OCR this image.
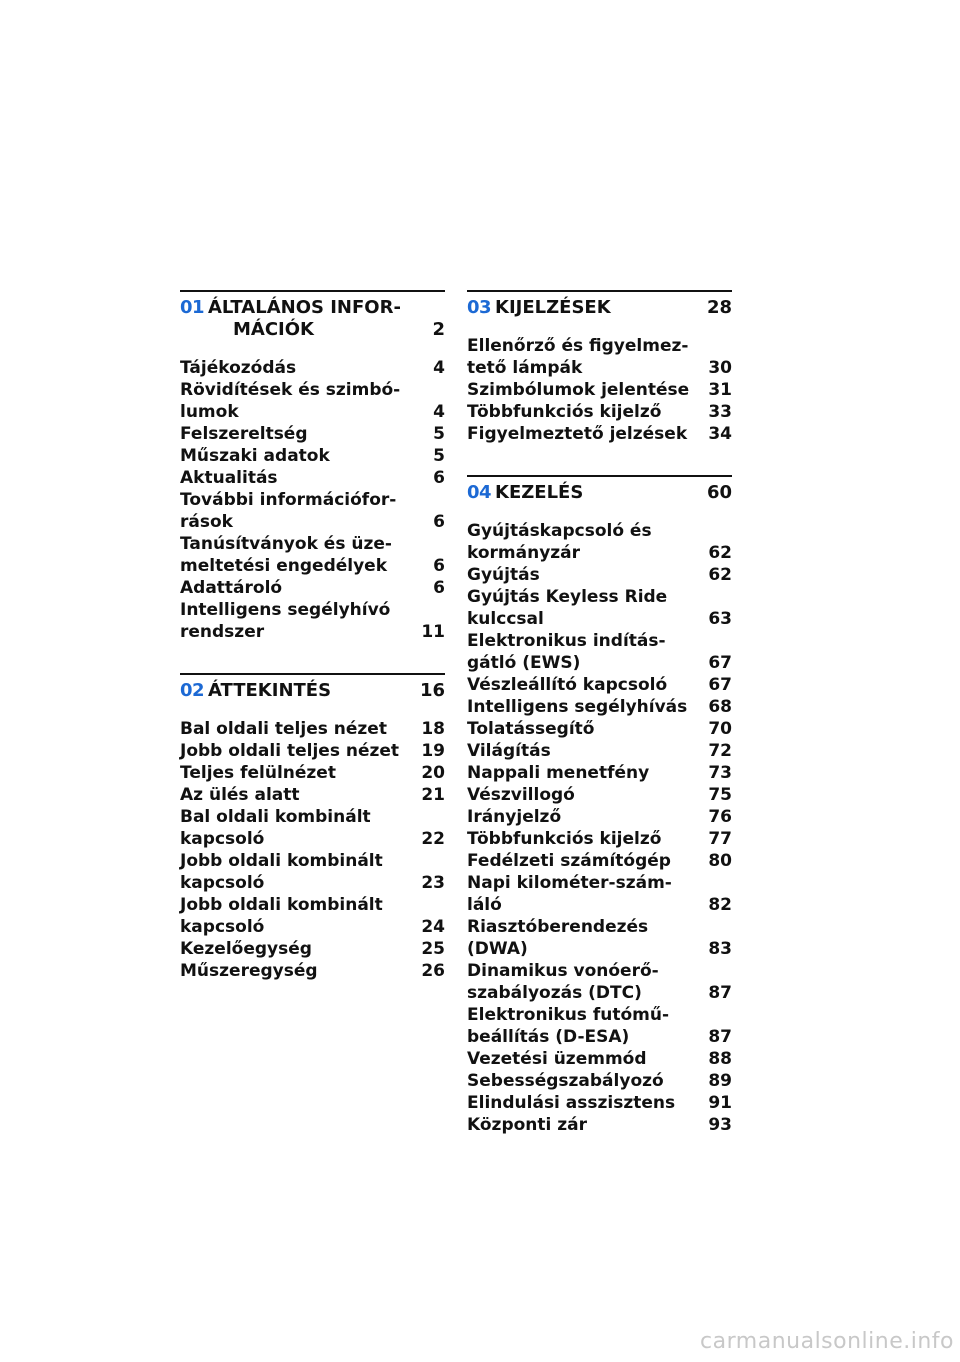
01 ÁLTALÁNOS INFOR-
MÁCIÓK	2
Tájékozódás	4
Rövidítések és szimbó-
lumok	4
Felszereltség	5
Műszaki adatok	5
Aktualitás	6
További információfor-
rások	6
Tanúsítványok és üze-
meltetési engedélyek	6
Adattároló	6
Intelligens segélyhívó
rendszer	11
02 ÁTTEKINTÉS	16
Bal oldali teljes nézet	18
Jobb oldali teljes nézet	19
Teljes felülnézet	20
Az ülés alatt	21
Bal oldali kombinált
kapcsoló	22
Jobb oldali kombinált
kapcsoló	23
Jobb oldali kombinált
kapcsoló	24
Kezelőegység	25
Műszeregység	26
03 KIJELZÉSEK	28
Ellenőrző és figyelmez-
tető lámpák	30
Szimbólumok jelentése	31
Többfunkciós kijelző	33
Figyelmeztető jelzések	34
04 KEZELÉS	60
Gyújtáskapcsoló és
kormányzár	62
Gyújtás	62
Gyújtás Keyless Ride
kulccsal	63
Elektronikus indítás-
gátló (EWS)	67
Vészleállító kapcsoló	67
Intelligens segélyhívás	68
Tolatássegítő	70
Világítás	72
Nappali menetfény	73
Vészvillogó	75
Irányjelző	76
Többfunkciós kijelző	77
Fedélzeti számítógép	80
Napi kilométer-szám-
láló	82
Riasztóberendezés
(DWA)	83
Dinamikus vonóerő-
szabályozás (DTC)	87
Elektronikus futómű-
beállítás (D-ESA)	87
Vezetési üzemmód	88
Sebességszabályozó	89
Elindulási asszisztens	91
Központi zár	93
carmanualsonline.info
